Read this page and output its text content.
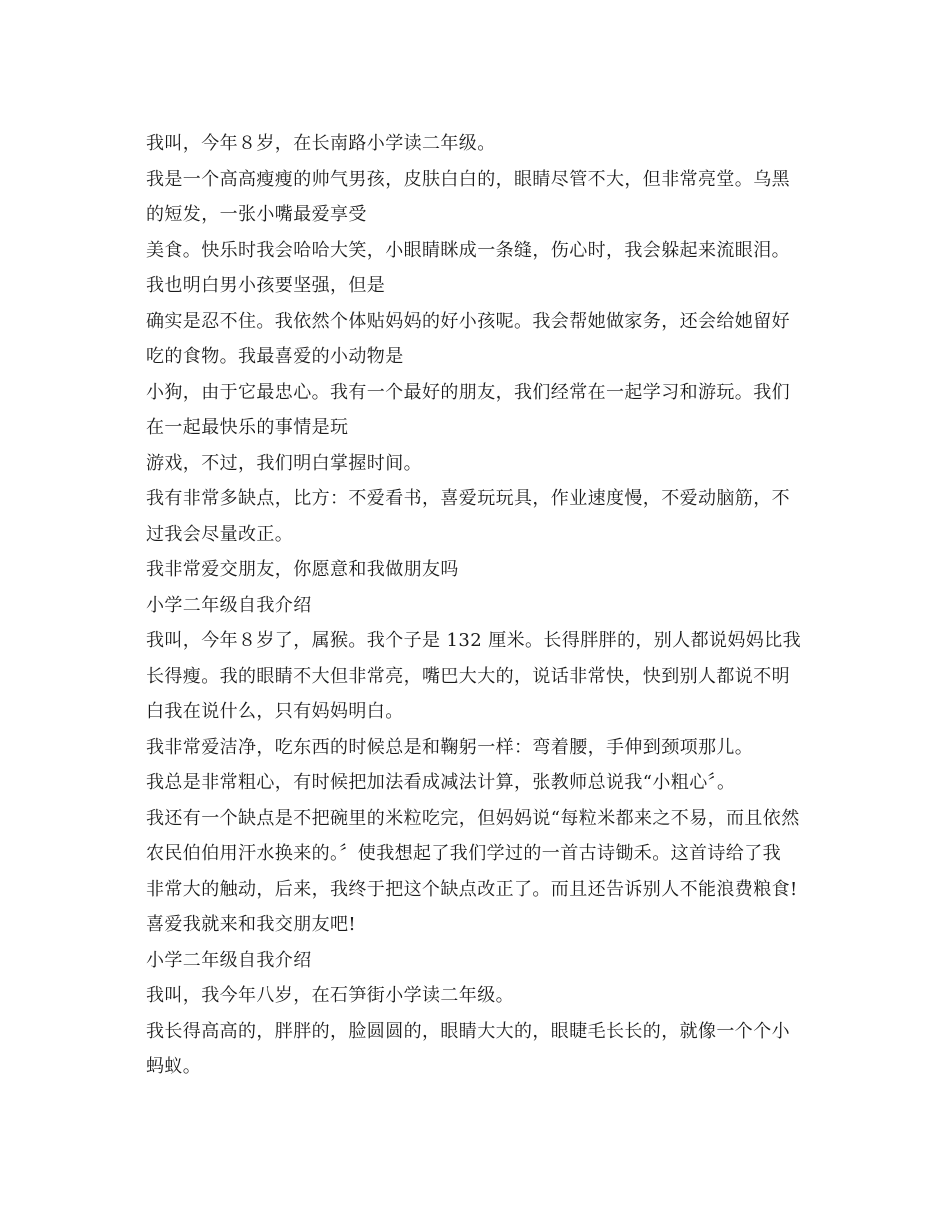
我叫，今年８岁，在长南路小学读二年级。
我是一个高高瘦瘦的帅气男孩，皮肤白白的，眼睛尽管不大，但非常亮堂。乌黑
的短发，一张小嘴最爱享受
美食。快乐时我会哈哈大笑，小眼睛眯成一条缝，伤心时，我会躲起来流眼泪。
我也明白男小孩要坚强，但是
确实是忍不住。我依然个体贴妈妈的好小孩呢。我会帮她做家务，还会给她留好
吃的食物。我最喜爱的小动物是
小狗，由于它最忠心。我有一个最好的朋友，我们经常在一起学习和游玩。我们
在一起最快乐的事情是玩
游戏，不过，我们明白掌握时间。
我有非常多缺点，比方：不爱看书，喜爱玩玩具，作业速度慢，不爱动脑筋，不
过我会尽量改正。
我非常爱交朋友，你愿意和我做朋友吗
小学二年级自我介绍
我叫，今年８岁了，属猴。我个子是 132 厘米。长得胖胖的，别人都说妈妈比我
长得瘦。我的眼睛不大但非常亮，嘴巴大大的，说话非常快，快到别人都说不明
白我在说什么，只有妈妈明白。
我非常爱洁净，吃东西的时候总是和鞠躬一样：弯着腰，手伸到颈项那儿。
我总是非常粗心，有时候把加法看成减法计算，张教师总说我“小粗心〞。
我还有一个缺点是不把碗里的米粒吃完，但妈妈说“每粒米都来之不易，而且依然
农民伯伯用汗水换来的。〞使我想起了我们学过的一首古诗锄禾。这首诗给了我
非常大的触动，后来，我终于把这个缺点改正了。而且还告诉别人不能浪费粮食!
喜爱我就来和我交朋友吧!
小学二年级自我介绍
我叫，我今年八岁，在石笋街小学读二年级。
我长得高高的，胖胖的，脸圆圆的，眼睛大大的，眼睫毛长长的，就像一个个小
蚂蚁。
